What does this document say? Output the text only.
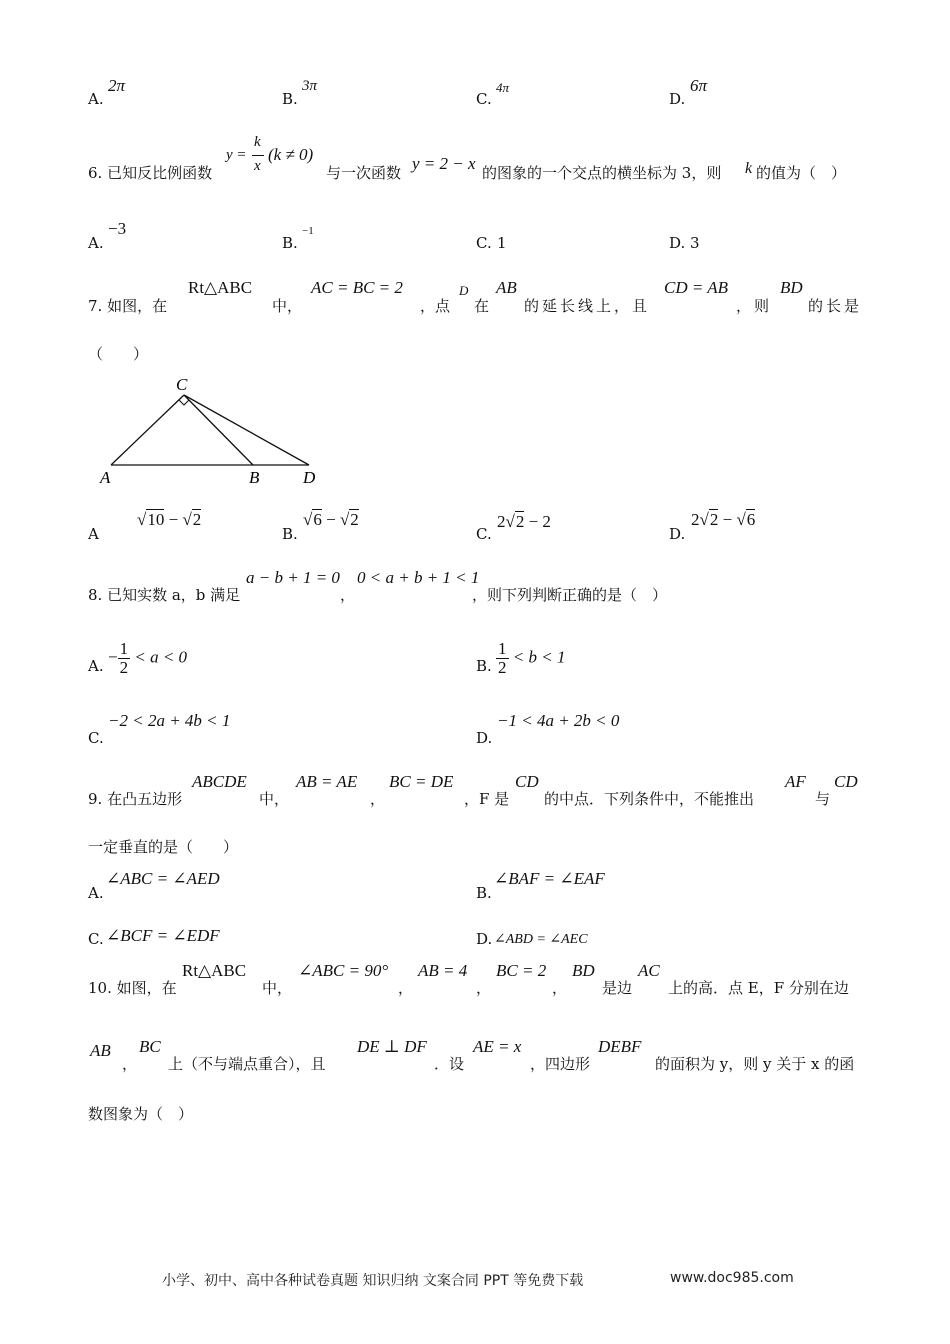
A.
2π
B.
3π
C.
4π
D.
6π
6. 已知反比例函数
y =
k
x
(k ≠ 0)
与一次函数 y = 2 − x 的图象的一个交点的横坐标为 3，则 k 的值为（　）
A.
−3
B.
−1
C. 1	D. 3
7. 如图，在
Rt△ABC
中，
AC = BC = 2
，点
D
在
AB
的延长线上，且
CD = AB
，则
BD
的长是
（　　）
C
A	B	D
A
√10 − √2
B.
√6 − √2
C.
2√2 − 2
D.
2√2 − √6
8. 已知实数 a，b 满足
a − b + 1 = 0
，
0 < a + b + 1 < 1
，则下列判断正确的是（　）
A. − $\frac{1}{2} < a < 0$	B. $\frac{1}{2} < b < 1$
C.
−2 < 2a + 4b < 1
D.
−1 < 4a + 2b < 0
9. 在凸五边形
ABCDE
中，
AB = AE
，
BC = DE
，F 是
CD
的中点．下列条件中，不能推出
AF
与
CD
一定垂直的是（　　）
A.
∠ABC = ∠AED
B.
∠BAF = ∠EAF
C. ∠BCF = ∠EDF	D. ∠ABD = ∠AEC
10. 如图，在
Rt△ABC
中，
∠ABC = 90°
，
AB = 4
，
BC = 2
，
BD
是边
AC
上的高．点 E，F 分别在边
AB
，
BC
上（不与端点重合），且
DE ⊥ DF
．设
AE = x
，四边形
DEBF
的面积为 y，则 y 关于 x 的函
数图象为（　）
小学、初中、高中各种试卷真题 知识归纳 文案合同 PPT 等免费下载	www.doc985.com
